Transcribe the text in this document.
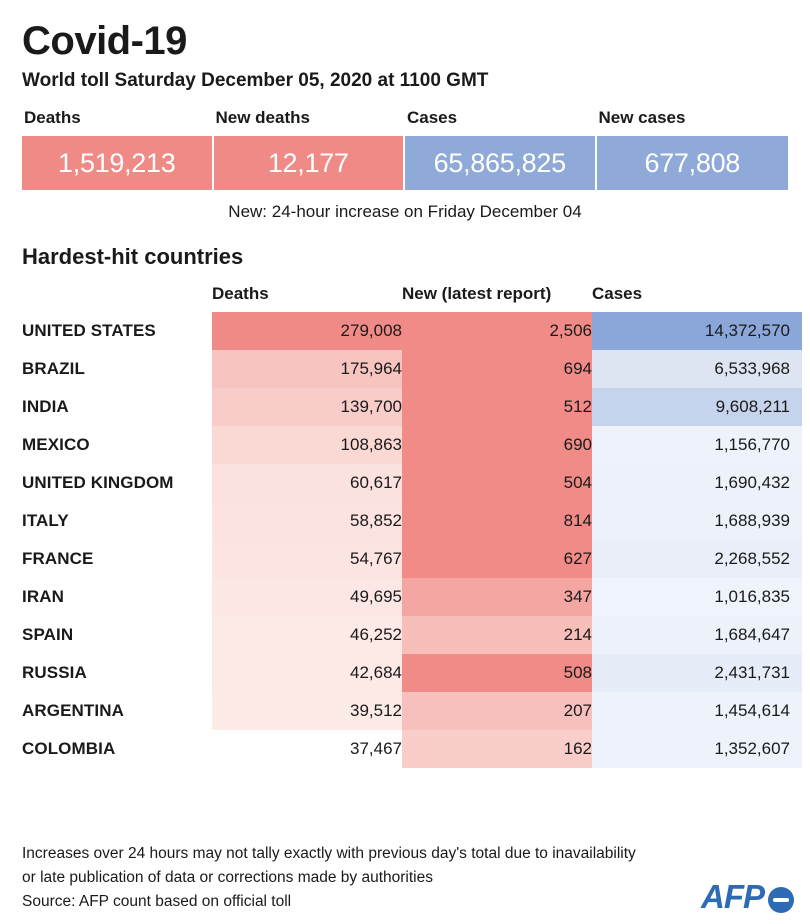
Covid-19
World toll Saturday December 05, 2020 at 1100 GMT
Deaths	New deaths	Cases	New cases
1,519,213	12,177	65,865,825	677,808
New: 24-hour increase on Friday December 04
Hardest-hit countries
	Deaths	New (latest report)	Cases
UNITED STATES	279,008	2,506	14,372,570
BRAZIL	175,964	694	6,533,968
INDIA	139,700	512	9,608,211
MEXICO	108,863	690	1,156,770
UNITED KINGDOM	60,617	504	1,690,432
ITALY	58,852	814	1,688,939
FRANCE	54,767	627	2,268,552
IRAN	49,695	347	1,016,835
SPAIN	46,252	214	1,684,647
RUSSIA	42,684	508	2,431,731
ARGENTINA	39,512	207	1,454,614
COLOMBIA	37,467	162	1,352,607
Increases over 24 hours may not tally exactly with previous day's total due to inavailability
or late publication of data or corrections made by authorities
Source: AFP count based on official toll	AFP
